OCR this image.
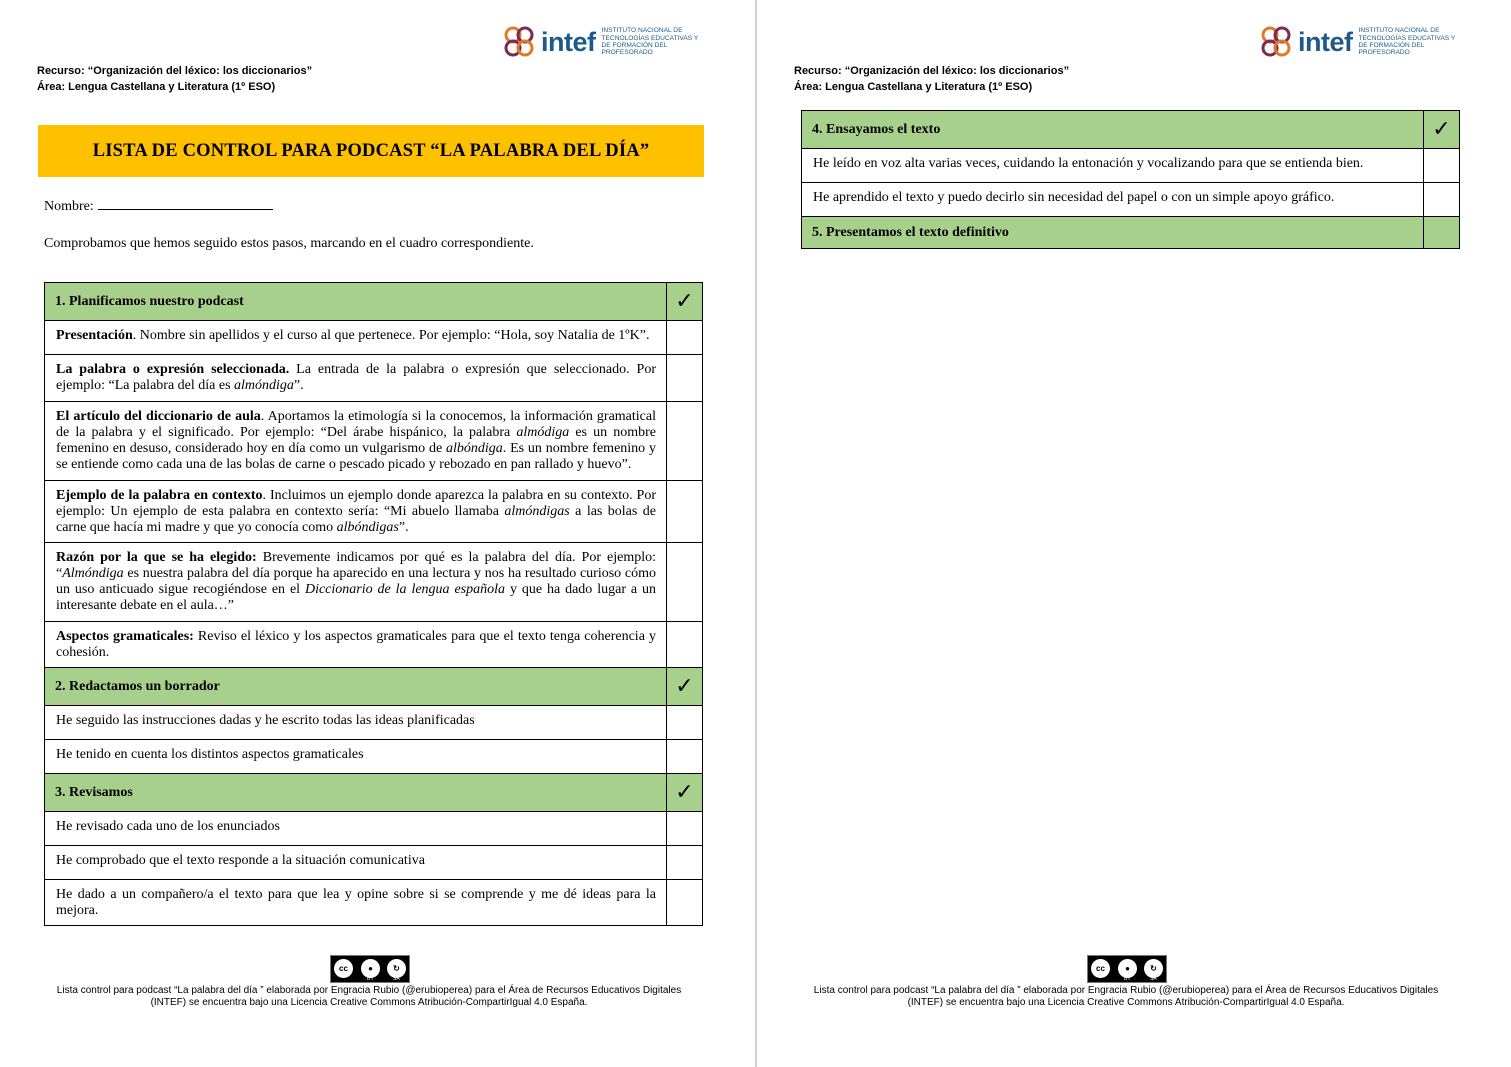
intef INSTITUTO NACIONAL DE TECNOLOGÍAS EDUCATIVAS Y DE FORMACIÓN DEL PROFESORADO
Recurso: “Organización del léxico: los diccionarios”
Área: Lengua Castellana y Literatura (1º ESO)
LISTA DE CONTROL PARA PODCAST “LA PALABRA DEL DÍA”
Nombre:
Comprobamos que hemos seguido estos pasos, marcando en el cuadro correspondiente.
1. Planificamos nuestro podcast	✓
Presentación. Nombre sin apellidos y el curso al que pertenece. Por ejemplo: “Hola, soy Natalia de 1ºK”.	
La palabra o expresión seleccionada. La entrada de la palabra o expresión que seleccionado. Por ejemplo: “La palabra del día es almóndiga”.	
El artículo del diccionario de aula. Aportamos la etimología si la conocemos, la información gramatical de la palabra y el significado. Por ejemplo: “Del árabe hispánico, la palabra almódiga es un nombre femenino en desuso, considerado hoy en día como un vulgarismo de albóndiga. Es un nombre femenino y se entiende como cada una de las bolas de carne o pescado picado y rebozado en pan rallado y huevo”.	
Ejemplo de la palabra en contexto. Incluimos un ejemplo donde aparezca la palabra en su contexto. Por ejemplo: Un ejemplo de esta palabra en contexto sería: “Mi abuelo llamaba almóndigas a las bolas de carne que hacía mi madre y que yo conocía como albóndigas”.	
Razón por la que se ha elegido: Brevemente indicamos por qué es la palabra del día. Por ejemplo: “Almóndiga es nuestra palabra del día porque ha aparecido en una lectura y nos ha resultado curioso cómo un uso anticuado sigue recogiéndose en el Diccionario de la lengua española y que ha dado lugar a un interesante debate en el aula…”	
Aspectos gramaticales: Reviso el léxico y los aspectos gramaticales para que el texto tenga coherencia y cohesión.	
2. Redactamos un borrador	✓
He seguido las instrucciones dadas y he escrito todas las ideas planificadas	
He tenido en cuenta los distintos aspectos gramaticales	
3. Revisamos	✓
He revisado cada uno de los enunciados	
He comprobado que el texto responde a la situación comunicativa	
He dado a un compañero/a el texto para que lea y opine sobre si se comprende y me dé ideas para la mejora.	
cc	●	↻
BY	SA
Lista control para podcast “La palabra del día ” elaborada por Engracia Rubio (@erubioperea) para el Área de Recursos Educativos Digitales
(INTEF) se encuentra bajo una Licencia Creative Commons Atribución-CompartirIgual 4.0 España.
intef INSTITUTO NACIONAL DE TECNOLOGÍAS EDUCATIVAS Y DE FORMACIÓN DEL PROFESORADO
Recurso: “Organización del léxico: los diccionarios”
Área: Lengua Castellana y Literatura (1º ESO)
4. Ensayamos el texto	✓
He leído en voz alta varias veces, cuidando la entonación y vocalizando para que se entienda bien.	
He aprendido el texto y puedo decirlo sin necesidad del papel o con un simple apoyo gráfico.	
5. Presentamos el texto definitivo	
cc	●	↻
BY	SA
Lista control para podcast “La palabra del día ” elaborada por Engracia Rubio (@erubioperea) para el Área de Recursos Educativos Digitales
(INTEF) se encuentra bajo una Licencia Creative Commons Atribución-CompartirIgual 4.0 España.
